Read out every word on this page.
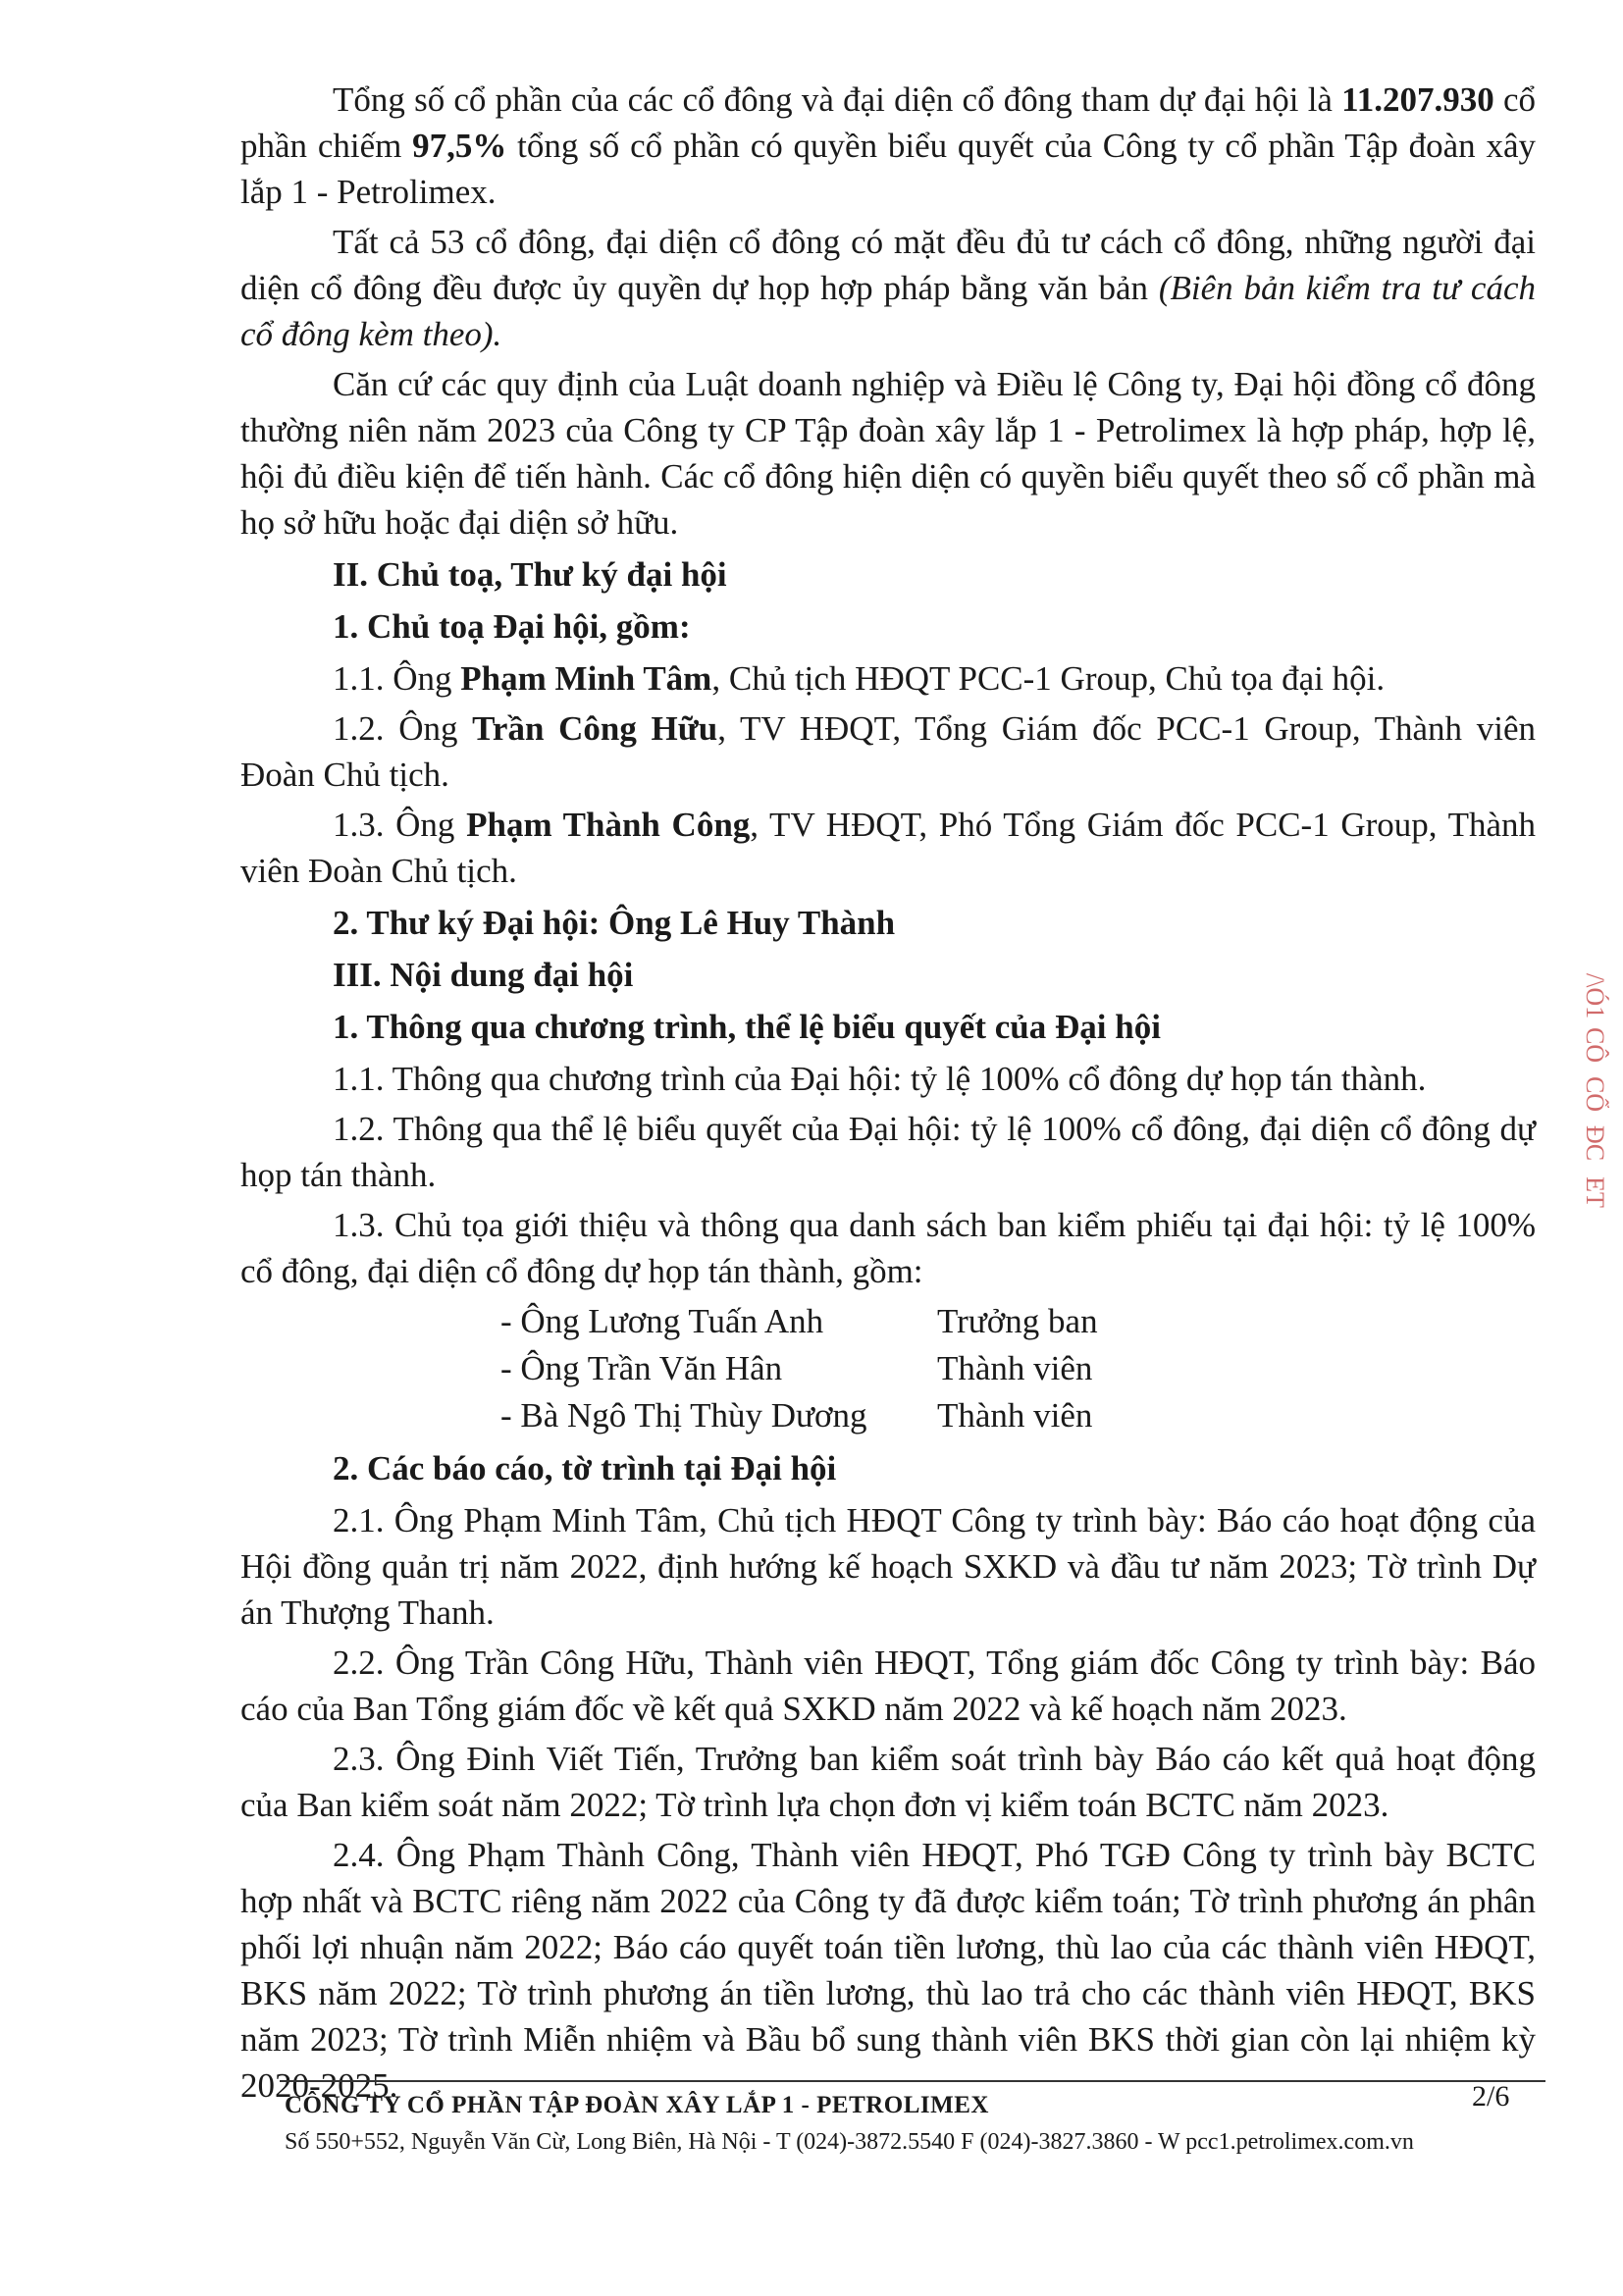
Tổng số cổ phần của các cổ đông và đại diện cổ đông tham dự đại hội là 11.207.930 cổ phần chiếm 97,5% tổng số cổ phần có quyền biểu quyết của Công ty cổ phần Tập đoàn xây lắp 1 - Petrolimex.

Tất cả 53 cổ đông, đại diện cổ đông có mặt đều đủ tư cách cổ đông, những người đại diện cổ đông đều được ủy quyền dự họp hợp pháp bằng văn bản (Biên bản kiểm tra tư cách cổ đông kèm theo).

Căn cứ các quy định của Luật doanh nghiệp và Điều lệ Công ty, Đại hội đồng cổ đông thường niên năm 2023 của Công ty CP Tập đoàn xây lắp 1 - Petrolimex là hợp pháp, hợp lệ, hội đủ điều kiện để tiến hành. Các cổ đông hiện diện có quyền biểu quyết theo số cổ phần mà họ sở hữu hoặc đại diện sở hữu.

II. Chủ toạ, Thư ký đại hội

1. Chủ toạ Đại hội, gồm:

1.1. Ông Phạm Minh Tâm, Chủ tịch HĐQT PCC-1 Group, Chủ tọa đại hội.

1.2. Ông Trần Công Hữu, TV HĐQT, Tổng Giám đốc PCC-1 Group, Thành viên Đoàn Chủ tịch.

1.3. Ông Phạm Thành Công, TV HĐQT, Phó Tổng Giám đốc PCC-1 Group, Thành viên Đoàn Chủ tịch.

2. Thư ký Đại hội: Ông Lê Huy Thành

III. Nội dung đại hội

1. Thông qua chương trình, thể lệ biểu quyết của Đại hội

1.1. Thông qua chương trình của Đại hội: tỷ lệ 100% cổ đông dự họp tán thành.

1.2. Thông qua thể lệ biểu quyết của Đại hội: tỷ lệ 100% cổ đông, đại diện cổ đông dự họp tán thành.

1.3. Chủ tọa giới thiệu và thông qua danh sách ban kiểm phiếu tại đại hội: tỷ lệ 100% cổ đông, đại diện cổ đông dự họp tán thành, gồm:

- Ông Lương Tuấn Anh	Trưởng ban
- Ông Trần Văn Hân	Thành viên
- Bà Ngô Thị Thùy Dương	Thành viên

2. Các báo cáo, tờ trình tại Đại hội

2.1. Ông Phạm Minh Tâm, Chủ tịch HĐQT Công ty trình bày: Báo cáo hoạt động của Hội đồng quản trị năm 2022, định hướng kế hoạch SXKD và đầu tư năm 2023; Tờ trình Dự án Thượng Thanh.

2.2. Ông Trần Công Hữu, Thành viên HĐQT, Tổng giám đốc Công ty trình bày: Báo cáo của Ban Tổng giám đốc về kết quả SXKD năm 2022 và kế hoạch năm 2023.

2.3. Ông Đinh Viết Tiến, Trưởng ban kiểm soát trình bày Báo cáo kết quả hoạt động của Ban kiểm soát năm 2022; Tờ trình lựa chọn đơn vị kiểm toán BCTC năm 2023.

2.4. Ông Phạm Thành Công, Thành viên HĐQT, Phó TGĐ Công ty trình bày BCTC hợp nhất và BCTC riêng năm 2022 của Công ty đã được kiểm toán; Tờ trình phương án phân phối lợi nhuận năm 2022; Báo cáo quyết toán tiền lương, thù lao của các thành viên HĐQT, BKS năm 2022; Tờ trình phương án tiền lương, thù lao trả cho các thành viên HĐQT, BKS năm 2023; Tờ trình Miễn nhiệm và Bầu bổ sung thành viên BKS thời gian còn lại nhiệm kỳ 2020-2025.

/\Ó1
CÔ
CỔ
ĐC
ET
CÔNG TY CỔ PHẦN TẬP ĐOÀN XÂY LẮP 1 - PETROLIMEX	2/6
Số 550+552, Nguyễn Văn Cừ, Long Biên, Hà Nội - T (024)-3872.5540 F (024)-3827.3860 - W pcc1.petrolimex.com.vn
